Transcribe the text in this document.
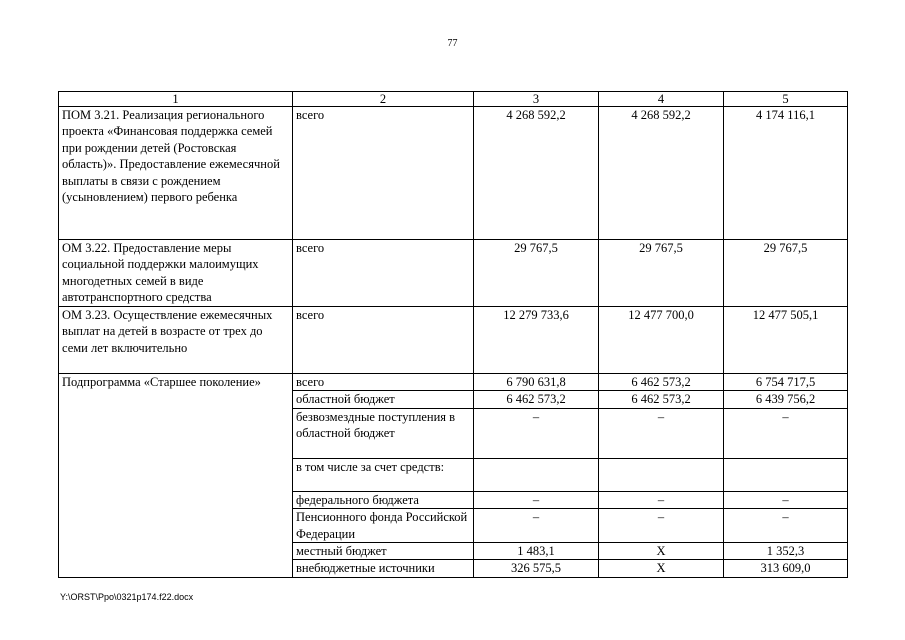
77
1	2	3	4	5
ПОМ 3.21. Реализация регионального проекта «Финансовая поддержка семей при рождении детей (Ростовская область)». Предоставление ежемесячной выплаты в связи с рождением (усыновлением) первого ребенка	всего	4 268 592,2	4 268 592,2	4 174 116,1
ОМ 3.22. Предоставление меры социальной поддержки малоимущих многодетных семей в виде автотранспортного средства	всего	29 767,5	29 767,5	29 767,5
ОМ 3.23. Осуществление ежемесячных выплат на детей в возрасте от трех до семи лет включительно	всего	12 279 733,6	12 477 700,0	12 477 505,1
Подпрограмма «Старшее поколение»	всего	6 790 631,8	6 462 573,2	6 754 717,5
	областной бюджет	6 462 573,2	6 462 573,2	6 439 756,2
	безвозмездные поступления в областной бюджет	–	–	–
	в том числе за счет средств:			
	федерального бюджета	–	–	–
	Пенсионного фонда Российской Федерации	–	–	–
	местный бюджет	1 483,1	Х	1 352,3
	внебюджетные источники	326 575,5	Х	313 609,0
Y:\ORST\Ppo\0321p174.f22.docx
